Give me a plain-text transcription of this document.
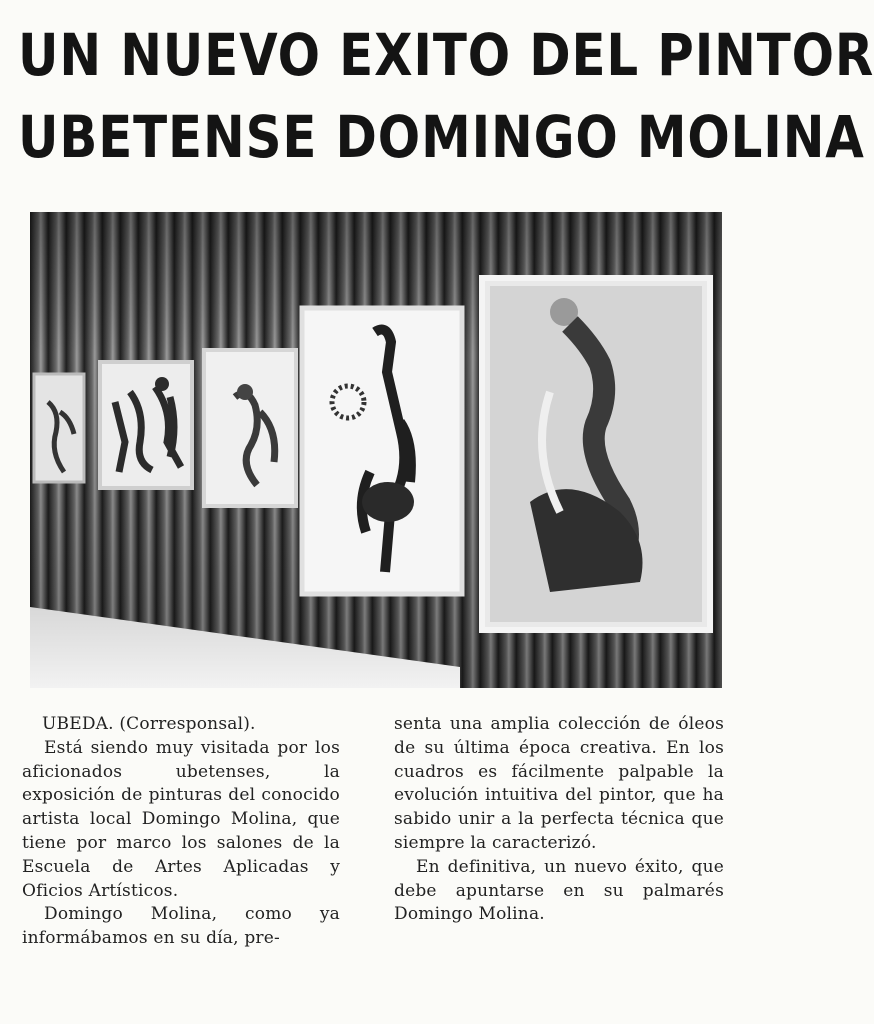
UN NUEVO EXITO DEL PINTOR
UBETENSE DOMINGO MOLINA

UBEDA. (Corresponsal).

Está siendo muy visitada por los aficionados ubetenses, la exposición de pinturas del conocido artista local Domingo Molina, que tiene por marco los salones de la Escuela de Artes Aplicadas y Oficios Artísticos.

Domingo Molina, como ya informábamos en su día, pre-

senta una amplia colección de óleos de su última época creativa. En los cuadros es fácilmente palpable la evolución intuitiva del pintor, que ha sabido unir a la perfecta técnica que siempre la caracterizó.

En definitiva, un nuevo éxito, que debe apuntarse en su palmarés Domingo Molina.
